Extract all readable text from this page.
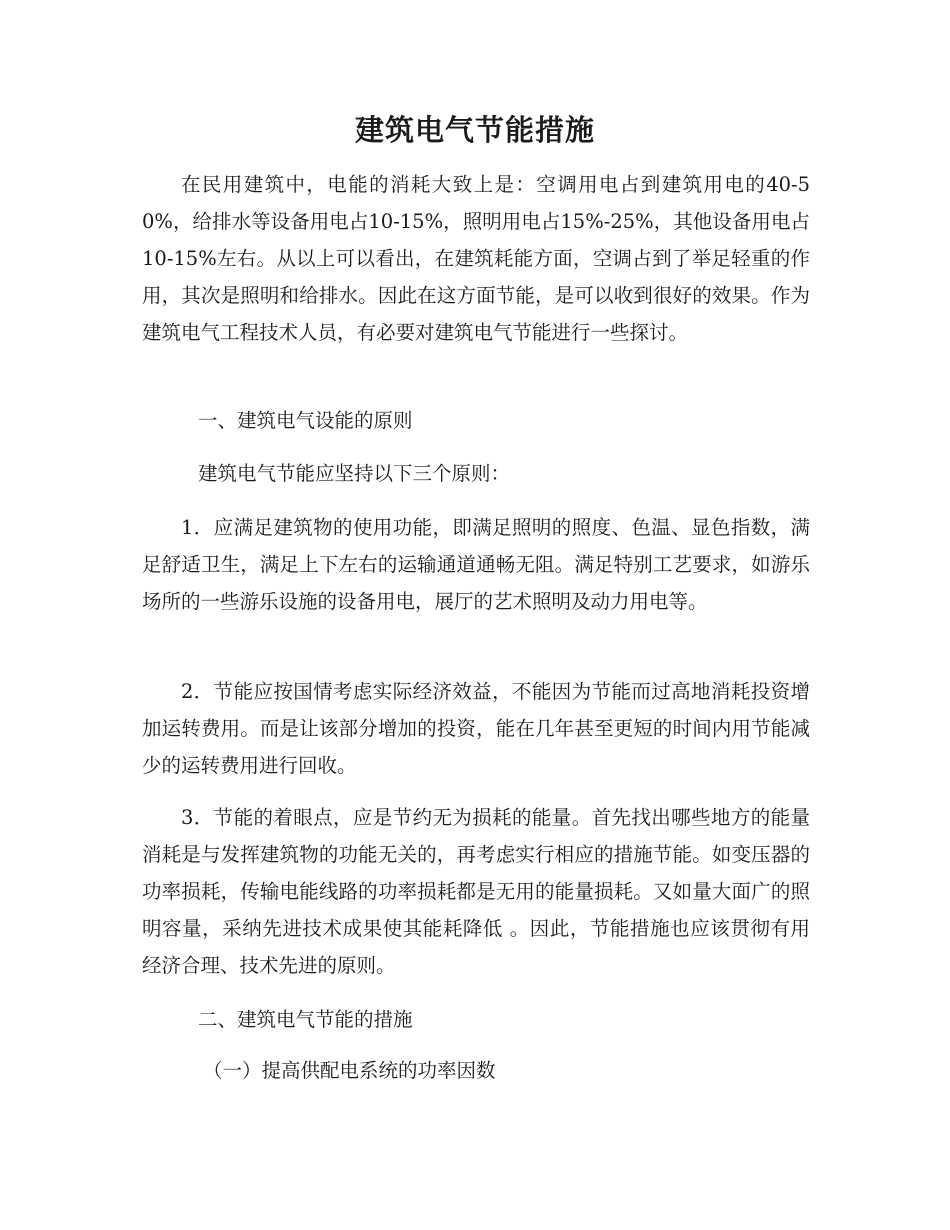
建筑电气节能措施

在民用建筑中，电能的消耗大致上是：空调用电占到建筑用电的40-50%，给排水等设备用电占10-15%，照明用电占15%-25%，其他设备用电占10-15%左右。从以上可以看出，在建筑耗能方面，空调占到了举足轻重的作用，其次是照明和给排水。因此在这方面节能，是可以收到很好的效果。作为建筑电气工程技术人员，有必要对建筑电气节能进行一些探讨。

一、建筑电气设能的原则

建筑电气节能应坚持以下三个原则：

1．应满足建筑物的使用功能，即满足照明的照度、色温、显色指数，满足舒适卫生，满足上下左右的运输通道通畅无阻。满足特别工艺要求，如游乐场所的一些游乐设施的设备用电，展厅的艺术照明及动力用电等。

2．节能应按国情考虑实际经济效益，不能因为节能而过高地消耗投资增加运转费用。而是让该部分增加的投资，能在几年甚至更短的时间内用节能减少的运转费用进行回收。

3．节能的着眼点，应是节约无为损耗的能量。首先找出哪些地方的能量消耗是与发挥建筑物的功能无关的，再考虑实行相应的措施节能。如变压器的功率损耗，传输电能线路的功率损耗都是无用的能量损耗。又如量大面广的照明容量，采纳先进技术成果使其能耗降低 。因此，节能措施也应该贯彻有用经济合理、技术先进的原则。

二、建筑电气节能的措施

（一）提高供配电系统的功率因数
